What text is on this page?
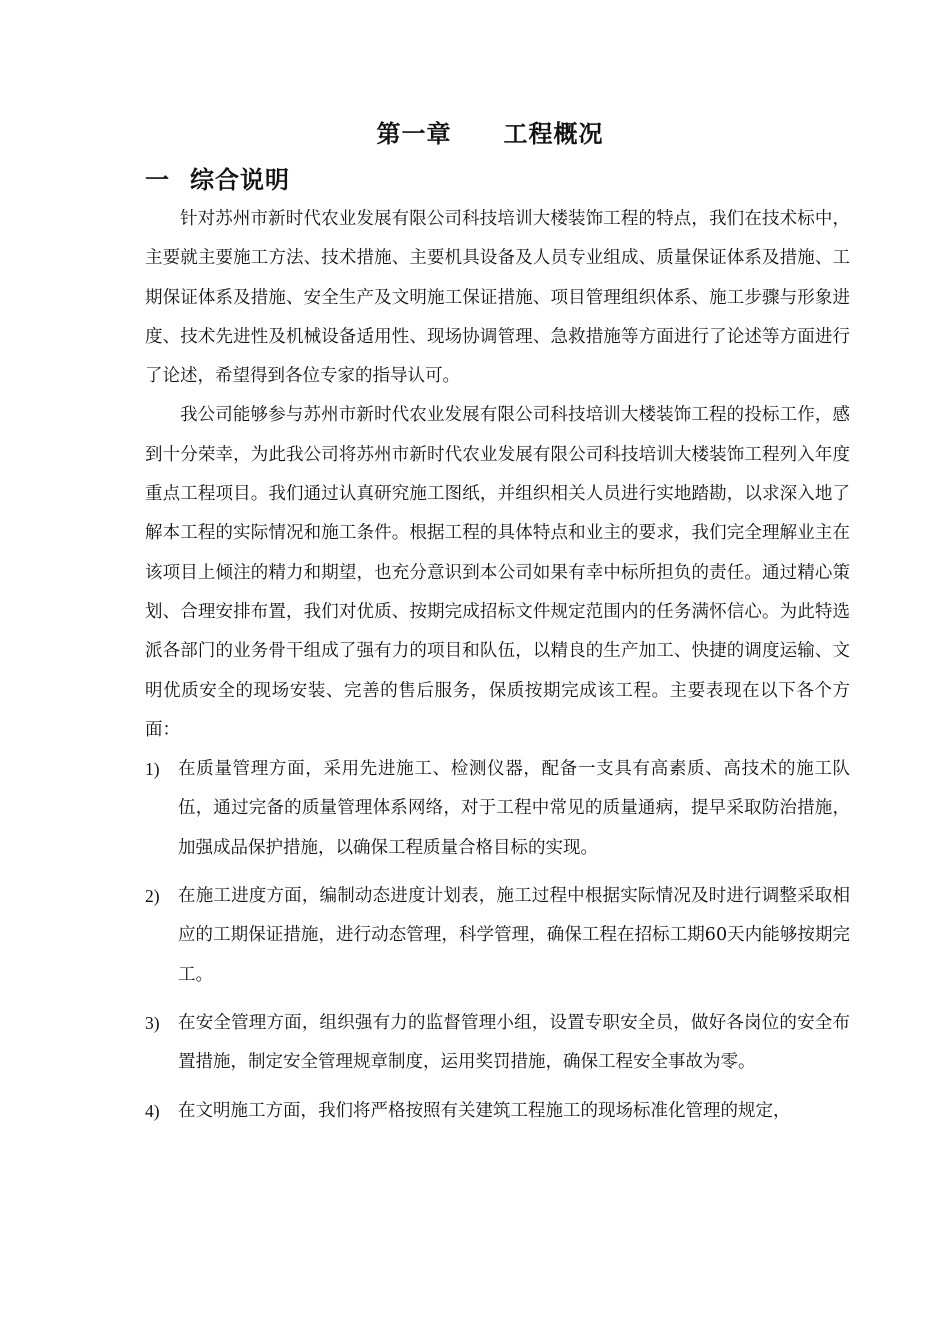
第一章 工程概况
一 综合说明

针对苏州市新时代农业发展有限公司科技培训大楼装饰工程的特点，我们在技术标中，主要就主要施工方法、技术措施、主要机具设备及人员专业组成、质量保证体系及措施、工期保证体系及措施、安全生产及文明施工保证措施、项目管理组织体系、施工步骤与形象进度、技术先进性及机械设备适用性、现场协调管理、急救措施等方面进行了论述等方面进行了论述，希望得到各位专家的指导认可。

我公司能够参与苏州市新时代农业发展有限公司科技培训大楼装饰工程的投标工作，感到十分荣幸，为此我公司将苏州市新时代农业发展有限公司科技培训大楼装饰工程列入年度重点工程项目。我们通过认真研究施工图纸，并组织相关人员进行实地踏勘，以求深入地了解本工程的实际情况和施工条件。根据工程的具体特点和业主的要求，我们完全理解业主在该项目上倾注的精力和期望，也充分意识到本公司如果有幸中标所担负的责任。通过精心策划、合理安排布置，我们对优质、按期完成招标文件规定范围内的任务满怀信心。为此特选派各部门的业务骨干组成了强有力的项目和队伍，以精良的生产加工、快捷的调度运输、文明优质安全的现场安装、完善的售后服务，保质按期完成该工程。主要表现在以下各个方面：

1) 在质量管理方面，采用先进施工、检测仪器，配备一支具有高素质、高技术的施工队伍，通过完备的质量管理体系网络，对于工程中常见的质量通病，提早采取防治措施，加强成品保护措施，以确保工程质量合格目标的实现。
2) 在施工进度方面，编制动态进度计划表，施工过程中根据实际情况及时进行调整采取相应的工期保证措施，进行动态管理，科学管理，确保工程在招标工期60天内能够按期完工。
3) 在安全管理方面，组织强有力的监督管理小组，设置专职安全员，做好各岗位的安全布置措施，制定安全管理规章制度，运用奖罚措施，确保工程安全事故为零。
4) 在文明施工方面，我们将严格按照有关建筑工程施工的现场标准化管理的规定，
